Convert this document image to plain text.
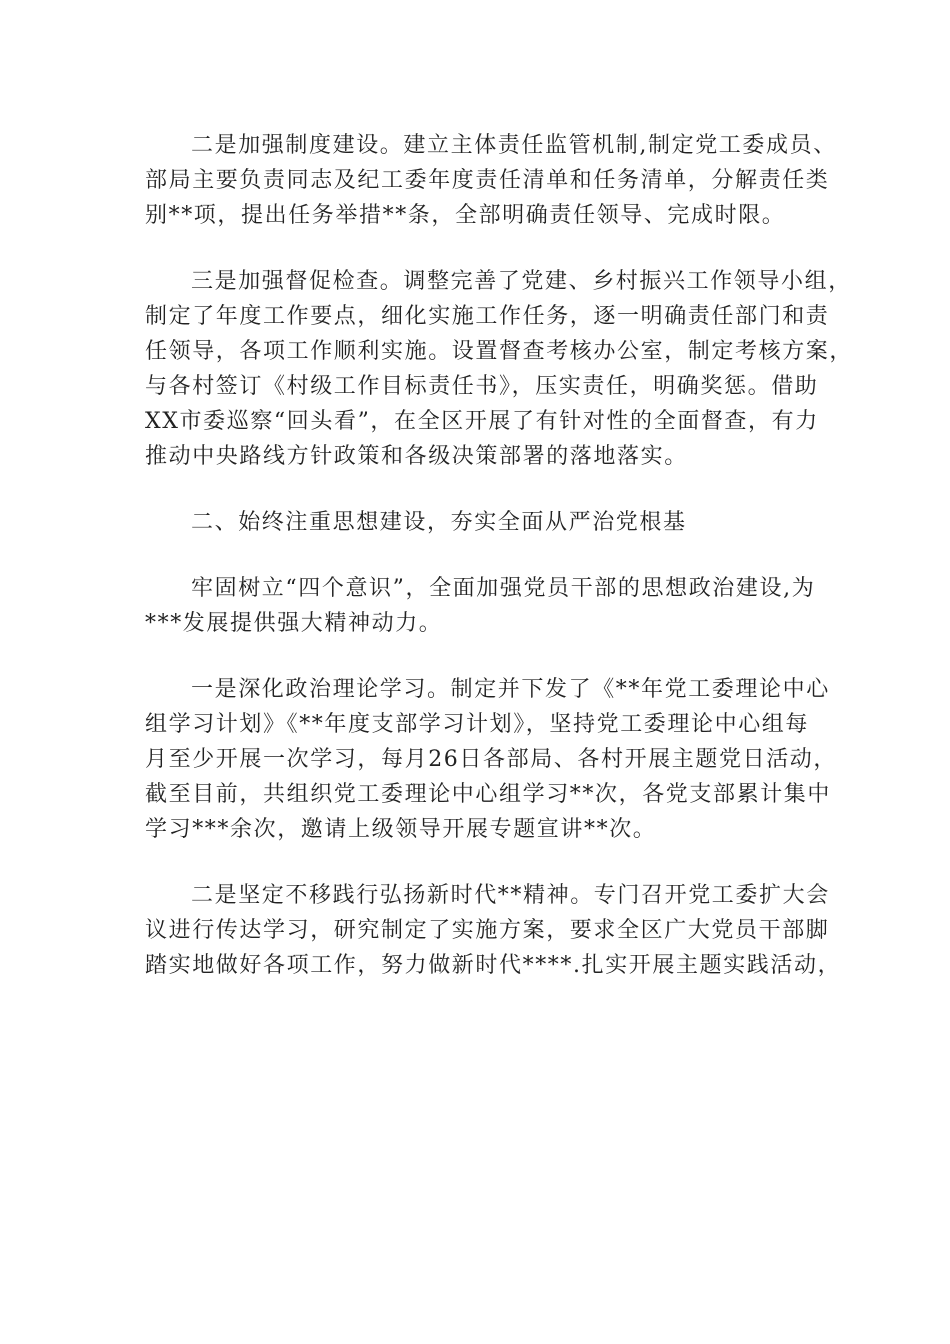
二是加强制度建设。建立主体责任监管机制,制定党工委成员、
部局主要负责同志及纪工委年度责任清单和任务清单，分解责任类
别**项，提出任务举措**条，全部明确责任领导、完成时限。
三是加强督促检查。调整完善了党建、乡村振兴工作领导小组，
制定了年度工作要点，细化实施工作任务，逐一明确责任部门和责
任领导，各项工作顺利实施。设置督查考核办公室，制定考核方案，
与各村签订《村级工作目标责任书》，压实责任，明确奖惩。借助
XX市委巡察“回头看”，在全区开展了有针对性的全面督查，有力
推动中央路线方针政策和各级决策部署的落地落实。
二、始终注重思想建设，夯实全面从严治党根基
牢固树立“四个意识”，全面加强党员干部的思想政治建设,为
***发展提供强大精神动力。
一是深化政治理论学习。制定并下发了《**年党工委理论中心
组学习计划》《**年度支部学习计划》，坚持党工委理论中心组每
月至少开展一次学习，每月26日各部局、各村开展主题党日活动，
截至目前，共组织党工委理论中心组学习**次，各党支部累计集中
学习***余次，邀请上级领导开展专题宣讲**次。
二是坚定不移践行弘扬新时代**精神。专门召开党工委扩大会
议进行传达学习，研究制定了实施方案，要求全区广大党员干部脚
踏实地做好各项工作，努力做新时代****.扎实开展主题实践活动，
